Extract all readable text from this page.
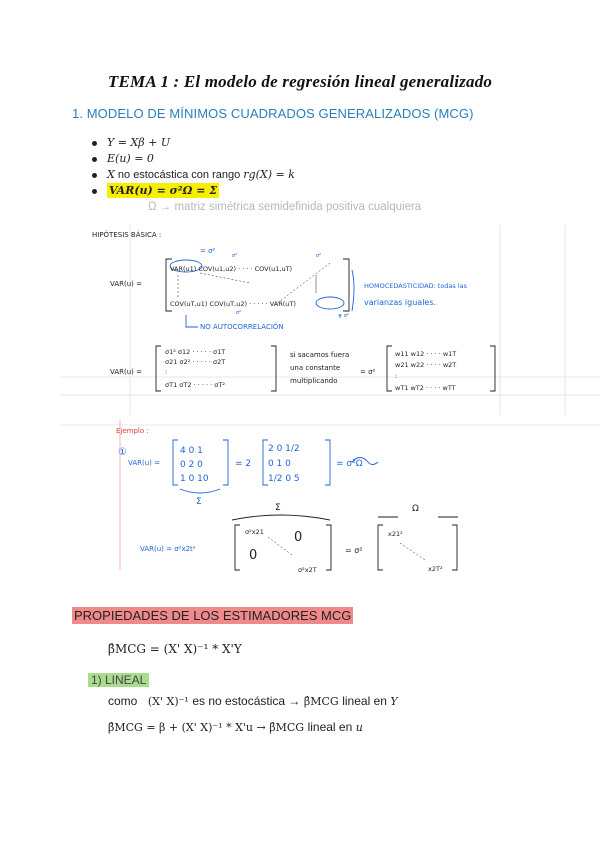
TEMA 1 : El modelo de regresión lineal generalizado
1. MODELO DE MÍNIMOS CUADRADOS GENERALIZADOS (MCG)
Y = Xβ + U
E(u) = 0
X no estocástica con rango rg(X) = k
VAR(u) = σ²Ω = Σ
Ω → matriz simétrica semidefinida positiva cualquiera
HIPÓTESIS BÁSICA :
VAR(u) =
VAR(u1) COV(u1,u2) · · · · COV(u1,uT)
COV(uT,u1) COV(uT,u2) · · · · · VAR(uT)
= σ²
σ²	σ²
σ²	= σ²
NO AUTOCORRELACIÓN
HOMOCEDASTICIDAD: todas las
varianzas iguales.
VAR(u) =
σ1² σ12 · · · · · σ1T
σ21 σ2² · · · · · σ2T
:
σT1 σT2 · · · · · σT²
si sacamos fuera
una constante
multiplicando
= σ²
w11 w12 · · · · w1T
w21 w22 · · · · w2T
:
wT1 wT2 · · · · wTT
Ejemplo :
①
VAR(u) =
4 0 1
0 2 0
1 0 10
= 2
2 0 1/2
0 1 0
1/2 0 5
= σ²Ω
Σ
VAR(u) = σ²x2t²
Σ
σ²x21 0
0
σ²x2T
= σ²
Ω
x21²
x2T²
PROPIEDADES DE LOS ESTIMADORES MCG
β̂MCG = (X' X)⁻¹ * X'Y
1) LINEAL
como (X' X)⁻¹ es no estocástica → β̂MCG lineal en Y
β̂MCG = β + (X' X)⁻¹ * X'u → β̂MCG lineal en u
